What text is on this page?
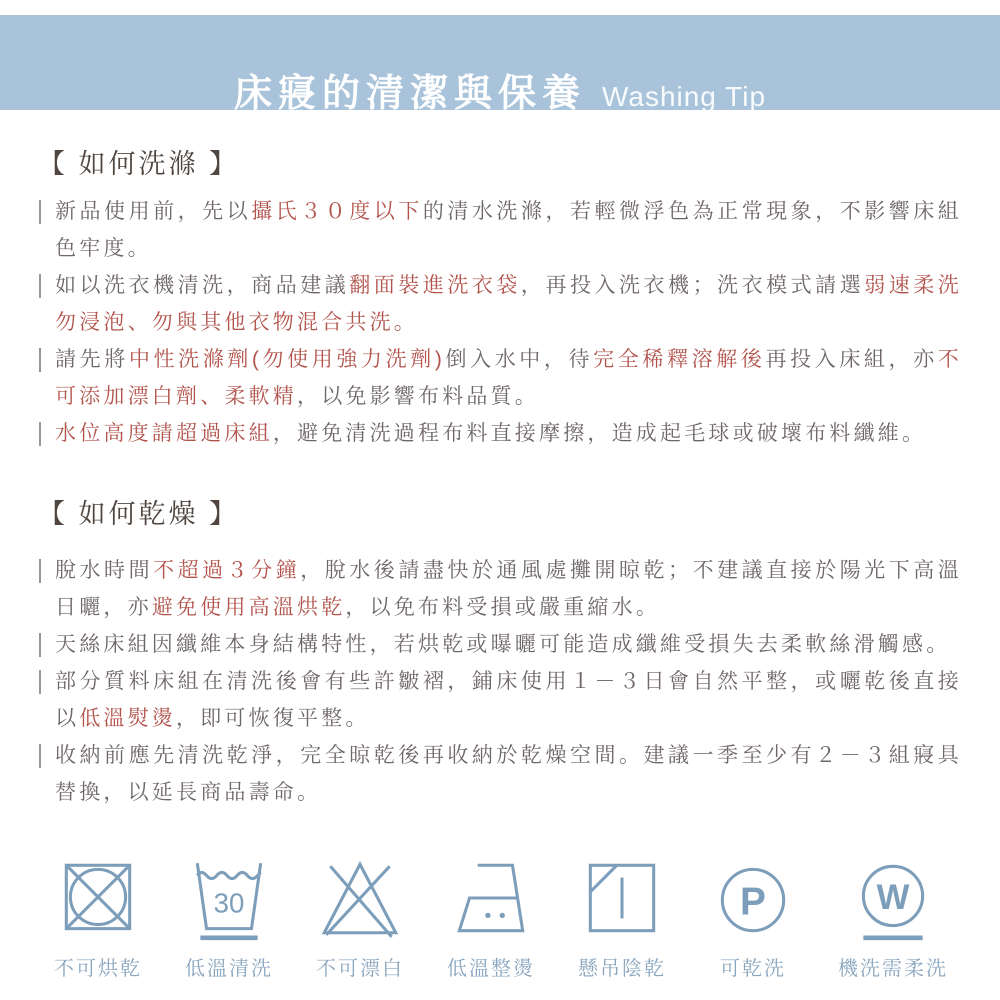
床寢的清潔與保養 Washing Tip
【 如何洗滌 】
新品使用前，先以攝氏３０度以下的清水洗滌，若輕微浮色為正常現象，不影響床組色牢度。
如以洗衣機清洗，商品建議翻面裝進洗衣袋，再投入洗衣機；洗衣模式請選弱速柔洗勿浸泡、勿與其他衣物混合共洗。
請先將中性洗滌劑(勿使用強力洗劑)倒入水中，待完全稀釋溶解後再投入床組，亦不可添加漂白劑、柔軟精，以免影響布料品質。
水位高度請超過床組，避免清洗過程布料直接摩擦，造成起毛球或破壞布料纖維。
【 如何乾燥 】
脫水時間不超過３分鐘，脫水後請盡快於通風處攤開晾乾；不建議直接於陽光下高溫日曬，亦避免使用高溫烘乾，以免布料受損或嚴重縮水。
天絲床組因纖維本身結構特性，若烘乾或曝曬可能造成纖維受損失去柔軟絲滑觸感。
部分質料床組在清洗後會有些許皺褶，鋪床使用１－３日會自然平整，或曬乾後直接以低溫熨燙，即可恢復平整。
收納前應先清洗乾淨，完全晾乾後再收納於乾燥空間。建議一季至少有２－３組寢具替換，以延長商品壽命。
不可烘乾
30
低溫清洗 不可漂白 低溫整燙 懸吊陰乾
P
可乾洗
W
機洗需柔洗
